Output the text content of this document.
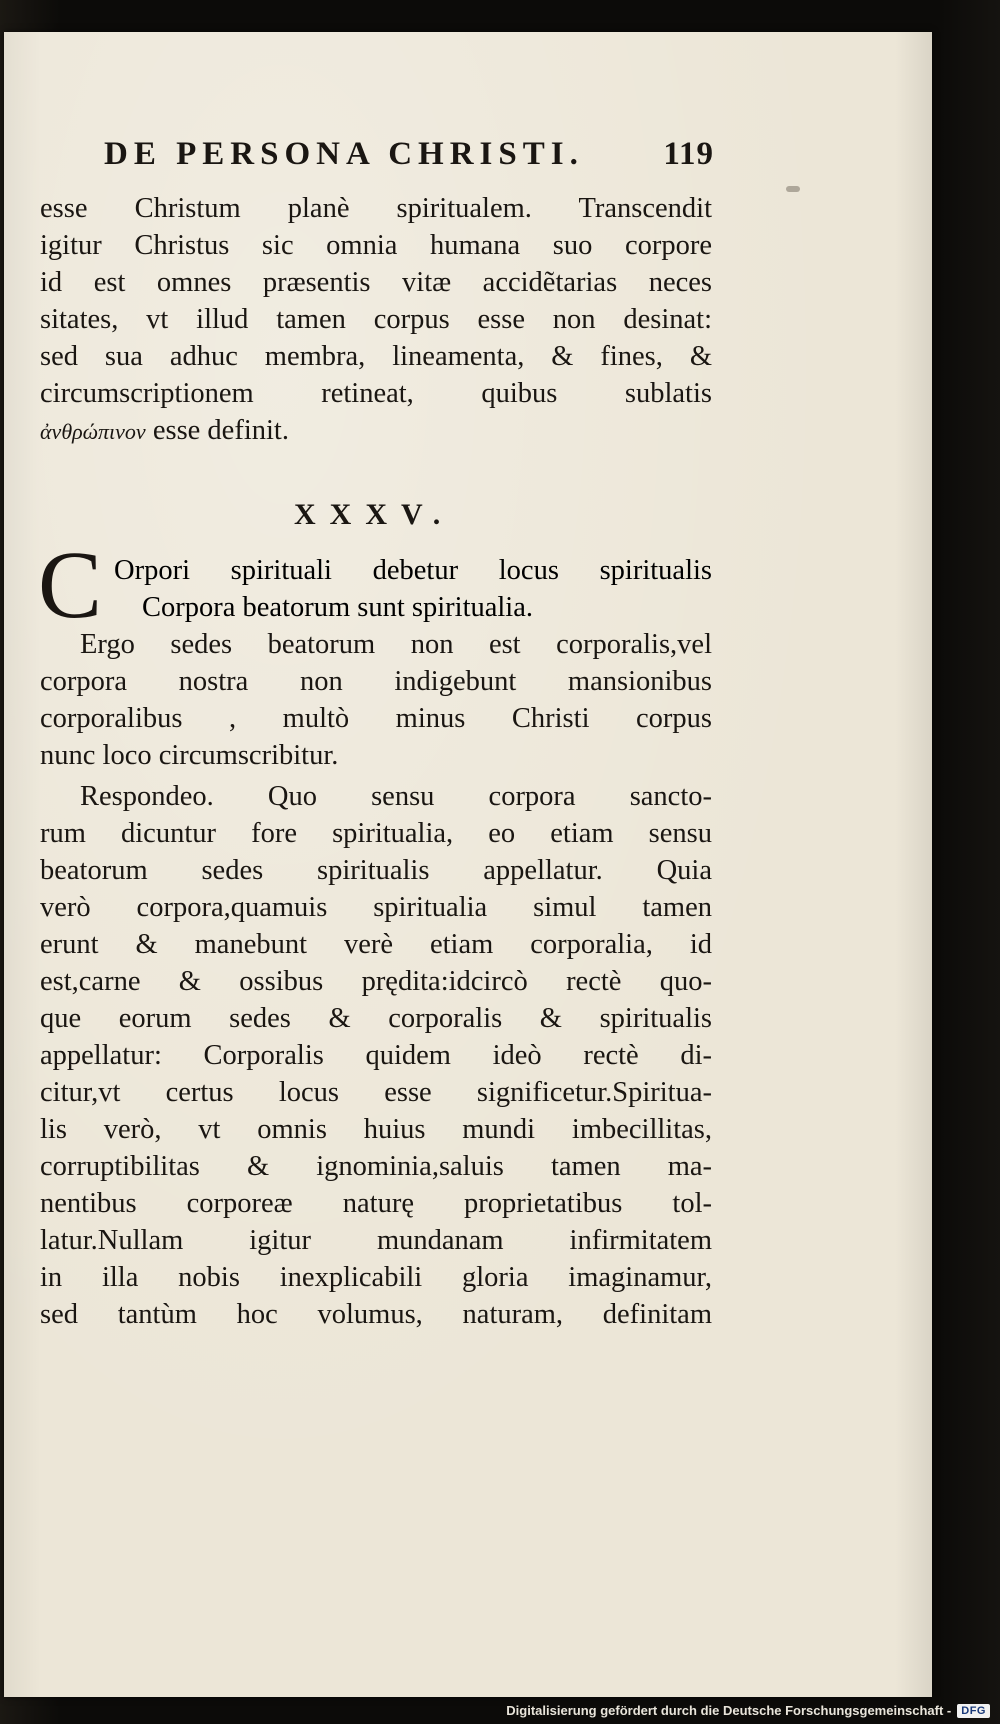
DE PERSONA CHRISTI. 119
esse Christum planè spiritualem. Transcendit
igitur Christus sic omnia humana suo corpore
id est omnes præsentis vitæ accidẽtarias neces
sitates, vt illud tamen corpus esse non desinat:
sed sua adhuc membra, lineamenta, & fines, &
circumscriptionem retineat, quibus sublatis
ἀνθρώπινον esse definit.
XXXV.
C Orpori spirituali debetur locus spiritualis
Corpora beatorum sunt spiritualia.
Ergo sedes beatorum non est corporalis,vel
corpora nostra non indigebunt mansionibus
corporalibus , multò minus Christi corpus
nunc loco circumscribitur.
Respondeo. Quo sensu corpora sancto-
rum dicuntur fore spiritualia, eo etiam sensu
beatorum sedes spiritualis appellatur. Quia
verò corpora,quamuis spiritualia simul tamen
erunt & manebunt verè etiam corporalia, id
est,carne & ossibus prędita:idcircò rectè quo-
que eorum sedes & corporalis & spiritualis
appellatur: Corporalis quidem ideò rectè di-
citur,vt certus locus esse significetur.Spiritua-
lis verò, vt omnis huius mundi imbecillitas,
corruptibilitas & ignominia,saluis tamen ma-
nentibus corporeæ naturę proprietatibus tol-
latur.Nullam igitur mundanam infirmitatem
in illa nobis inexplicabili gloria imaginamur,
sed tantùm hoc volumus, naturam, definitam
Digitalisierung gefördert durch die Deutsche Forschungsgemeinschaft - DFG
